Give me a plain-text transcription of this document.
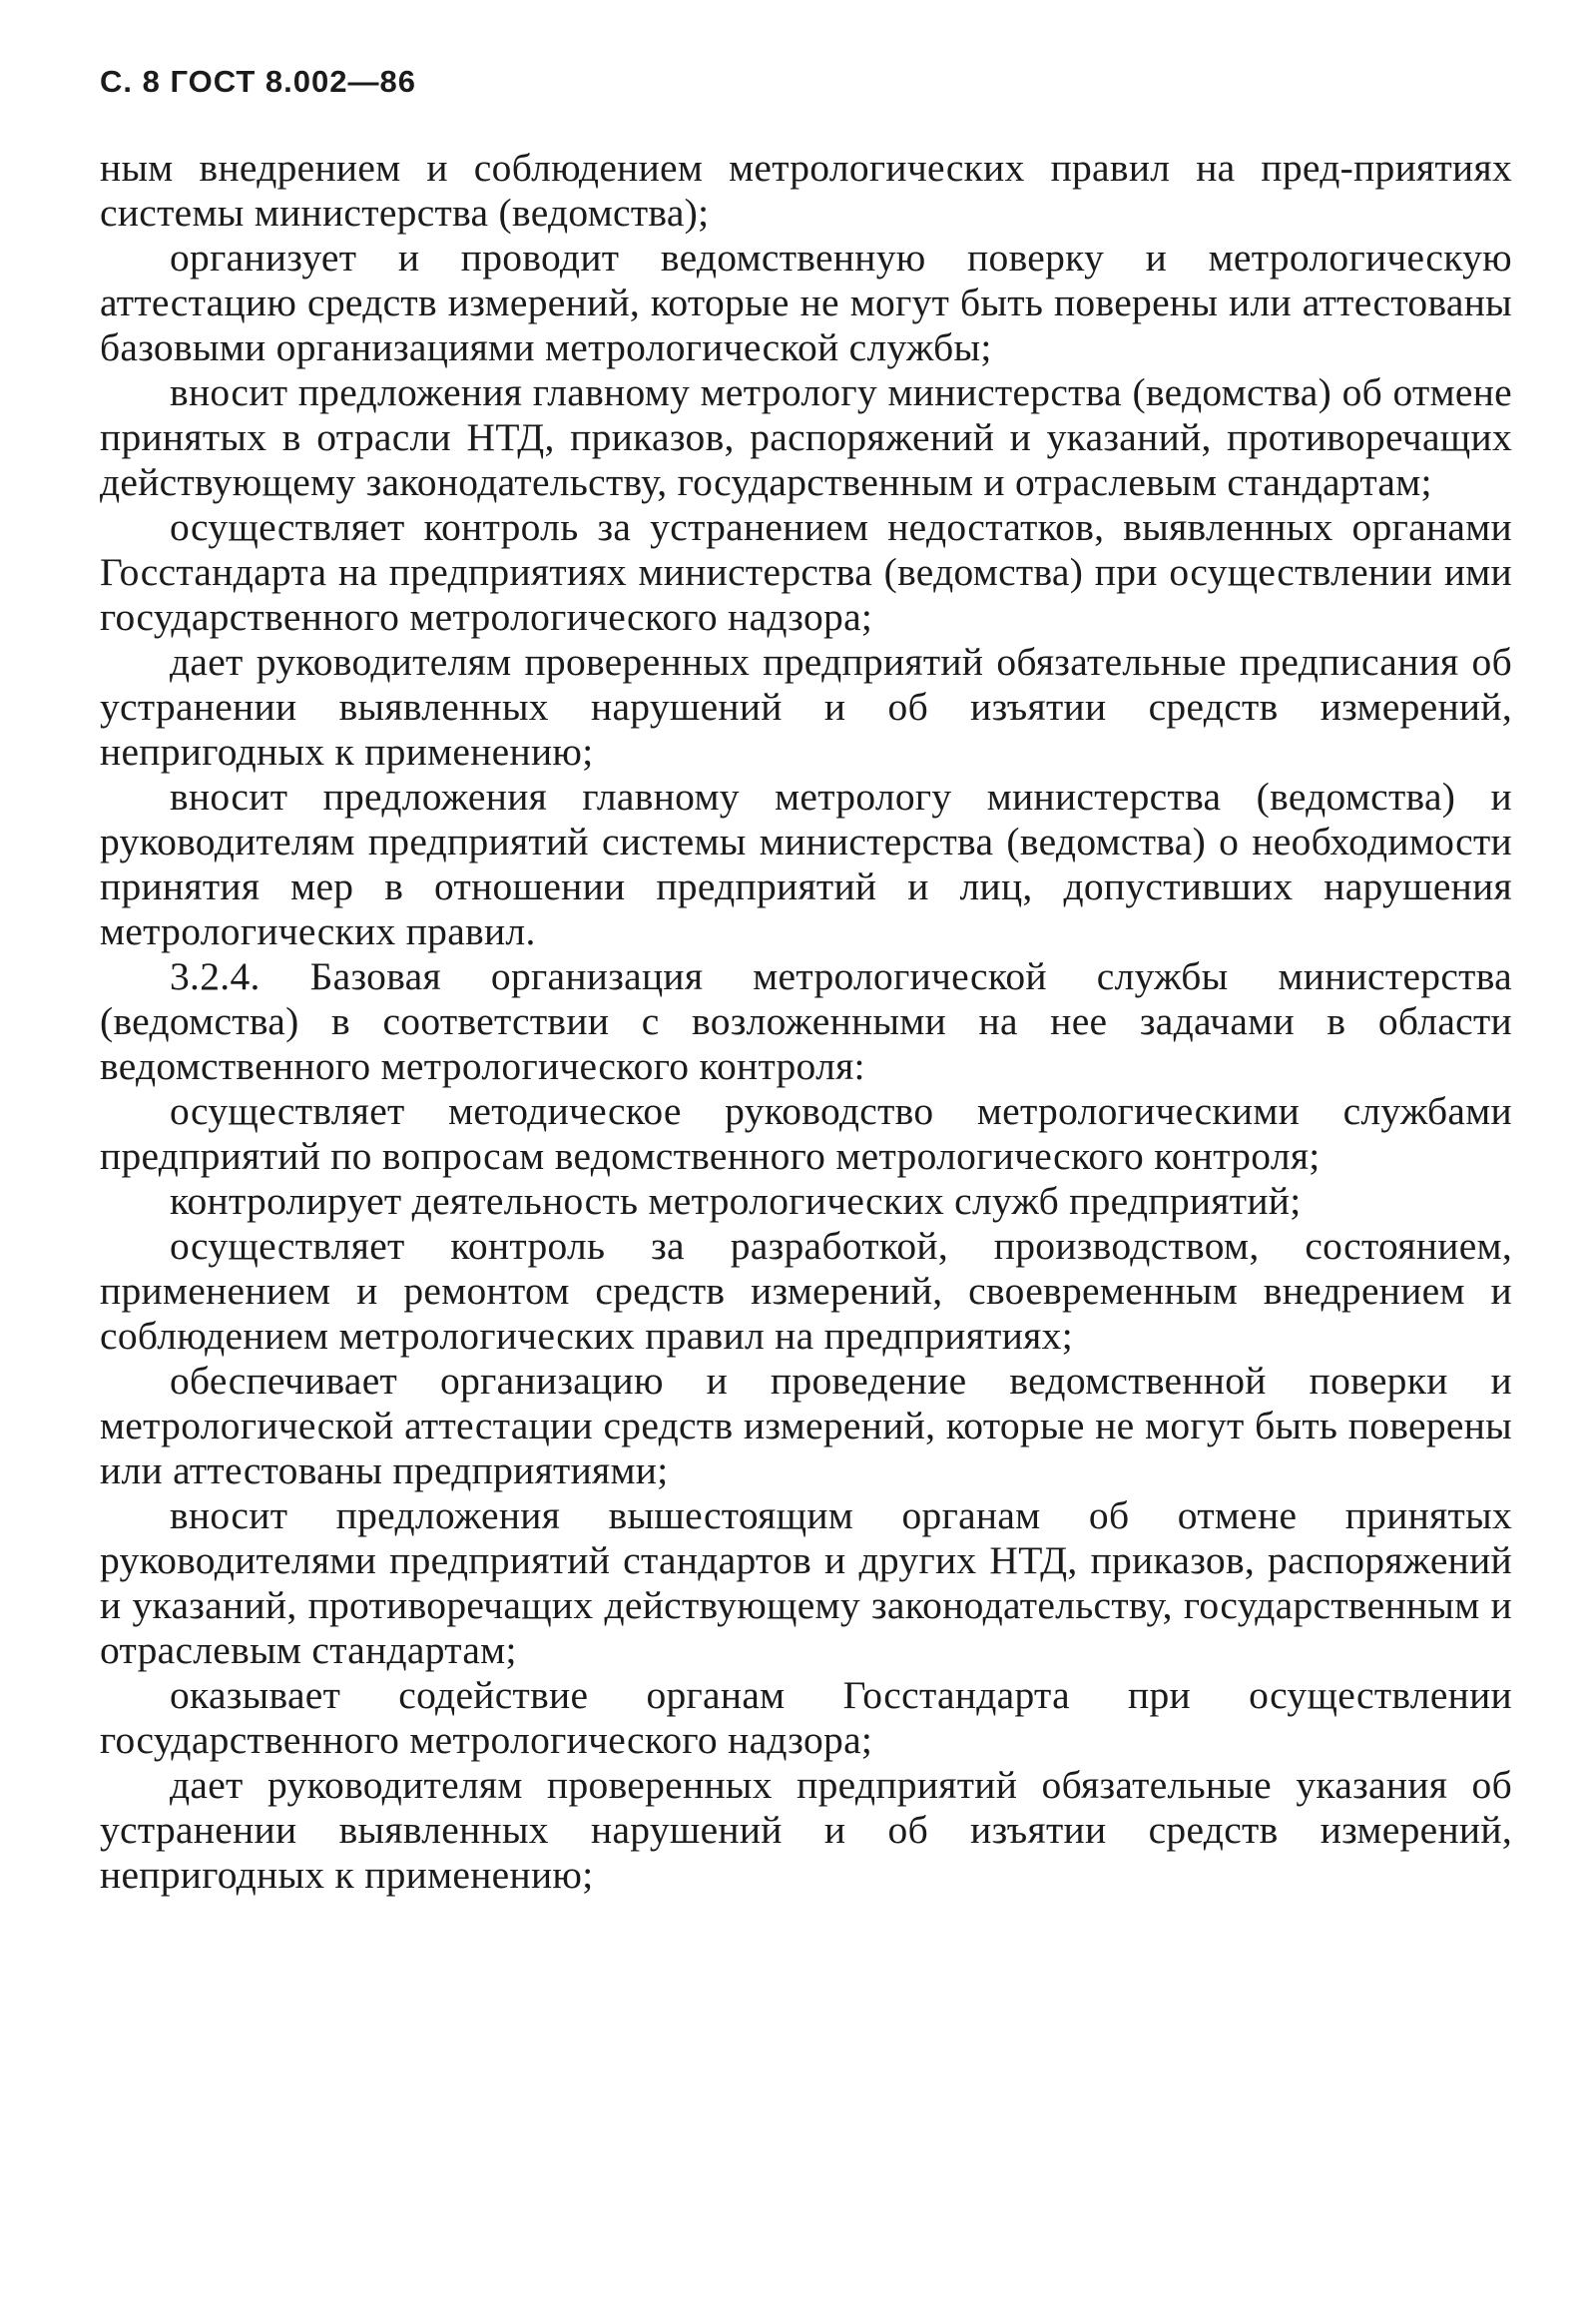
С. 8 ГОСТ 8.002—86

ным внедрением и соблюдением метрологических правил на пред-приятиях системы министерства (ведомства);

организует и проводит ведомственную поверку и метрологическую аттестацию средств измерений, которые не могут быть поверены или аттестованы базовыми организациями метрологической службы;

вносит предложения главному метрологу министерства (ведомства) об отмене принятых в отрасли НТД, приказов, распоряжений и указаний, противоречащих действующему законодательству, государственным и отраслевым стандартам;

осуществляет контроль за устранением недостатков, выявленных органами Госстандарта на предприятиях министерства (ведомства) при осуществлении ими государственного метрологического надзора;

дает руководителям проверенных предприятий обязательные предписания об устранении выявленных нарушений и об изъятии средств измерений, непригодных к применению;

вносит предложения главному метрологу министерства (ведомства) и руководителям предприятий системы министерства (ведомства) о необходимости принятия мер в отношении предприятий и лиц, допустивших нарушения метрологических правил.

3.2.4. Базовая организация метрологической службы министерства (ведомства) в соответствии с возложенными на нее задачами в области ведомственного метрологического контроля:

осуществляет методическое руководство метрологическими службами предприятий по вопросам ведомственного метрологического контроля;

контролирует деятельность метрологических служб предприятий;

осуществляет контроль за разработкой, производством, состоянием, применением и ремонтом средств измерений, своевременным внедрением и соблюдением метрологических правил на предприятиях;

обеспечивает организацию и проведение ведомственной поверки и метрологической аттестации средств измерений, которые не могут быть поверены или аттестованы предприятиями;

вносит предложения вышестоящим органам об отмене принятых руководителями предприятий стандартов и других НТД, приказов, распоряжений и указаний, противоречащих действующему законодательству, государственным и отраслевым стандартам;

оказывает содействие органам Госстандарта при осуществлении государственного метрологического надзора;

дает руководителям проверенных предприятий обязательные указания об устранении выявленных нарушений и об изъятии средств измерений, непригодных к применению;
